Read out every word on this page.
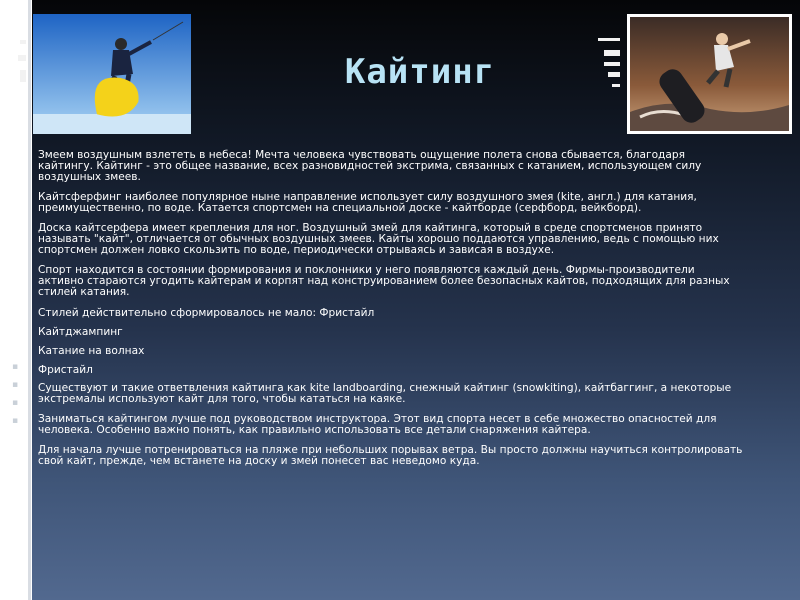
Кайтинг
▪
▪
▪
▪

Змеем воздушным взлететь в небеса! Мечта человека чувствовать ощущение полета снова сбывается, благодаря кайтингу. Кайтинг - это общее название, всех разновидностей экстрима, связанных с катанием, использующем силу воздушных змеев.

Кайтсферфинг наиболее популярное ныне направление использует силу воздушного змея (kite, англ.) для катания, преимущественно, по воде. Катается спортсмен на специальной доске - кайтборде (серфборд, вейкборд).

Доска кайтсерфера имеет крепления для ног. Воздушный змей для кайтинга, который в среде спортсменов принято называть "кайт", отличается от обычных воздушных змеев. Кайты хорошо поддаются управлению, ведь с помощью них спортсмен должен ловко скользить по воде, периодически отрываясь и зависая в воздухе.

Спорт находится в состоянии формирования и поклонники у него появляются каждый день. Фирмы-производители активно стараются угодить кайтерам и корпят над конструированием более безопасных кайтов, подходящих для разных стилей катания.

Стилей действительно сформировалось не мало: Фристайл

Кайтджампинг
Катание на волнах
Фристайл

Существуют и такие ответвления кайтинга как kite landboarding, снежный кайтинг (snowkiting), кайтбаггинг, а некоторые экстремалы используют кайт для того, чтобы кататься на каяке.

Заниматься кайтингом лучше под руководством инструктора. Этот вид спорта несет в себе множество опасностей для человека. Особенно важно понять, как правильно использовать все детали снаряжения кайтера.

Для начала лучше потренироваться на пляже при небольших порывах ветра. Вы просто должны научиться контролировать свой кайт, прежде, чем встанете на доску и змей понесет вас неведомо куда.
